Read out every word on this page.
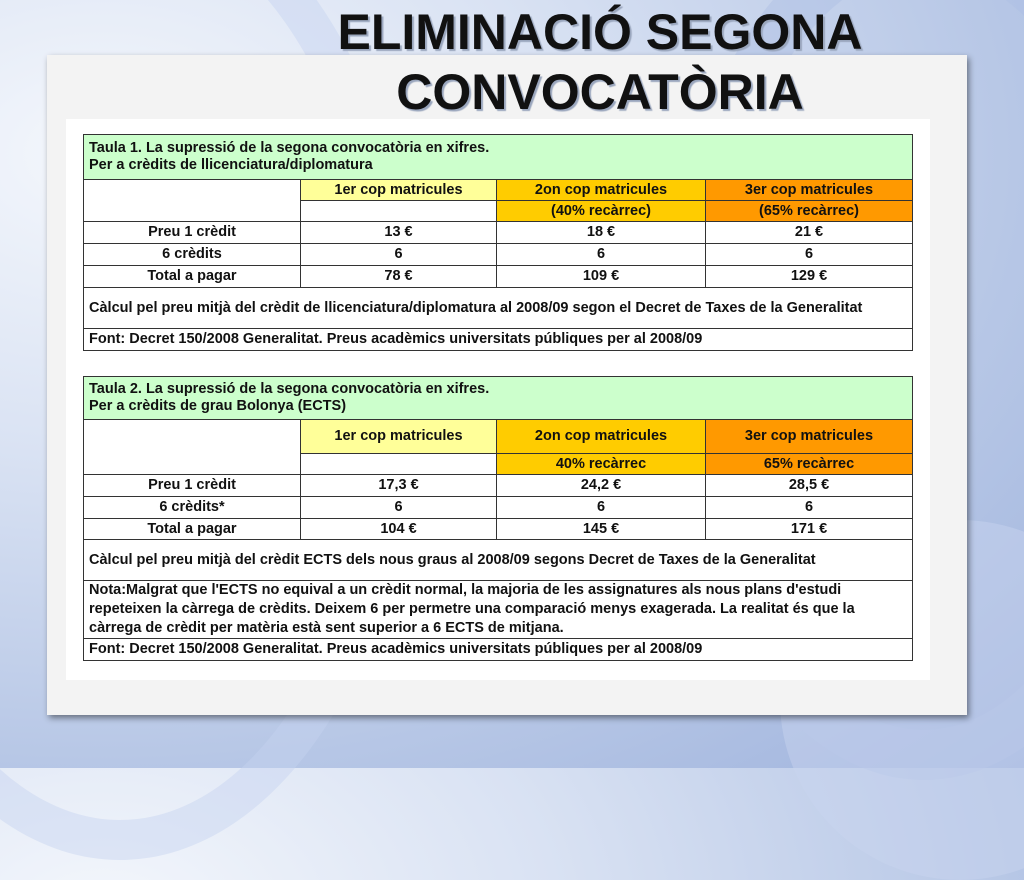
ELIMINACIÓ SEGONA
CONVOCATÒRIA
Taula 1. La supressió de la segona convocatòria en xifres.
Per a crèdits de llicenciatura/diplomatura			
	1er cop matricules	2on cop matricules	3er cop matricules
		(40% recàrrec)	(65% recàrrec)
Preu 1 crèdit	13 €	18 €	21 €
6 crèdits	6	6	6
Total a pagar	78 €	109 €	129 €
Càlcul pel preu mitjà del crèdit de llicenciatura/diplomatura al 2008/09 segon el Decret de Taxes de la Generalitat			
Font: Decret 150/2008 Generalitat. Preus acadèmics universitats públiques per al 2008/09			
Taula 2. La supressió de la segona convocatòria en xifres.
Per a crèdits de grau Bolonya (ECTS)			
	1er cop matricules	2on cop matricules	3er cop matricules
		40% recàrrec	65% recàrrec
Preu 1 crèdit	17,3 €	24,2 €	28,5 €
6 crèdits*	6	6	6
Total a pagar	104 €	145 €	171 €
Càlcul pel preu mitjà del crèdit ECTS dels nous graus al 2008/09 segons Decret de Taxes de la Generalitat			
Nota:Malgrat que l'ECTS no equival a un crèdit normal, la majoria de les assignatures als nous plans d'estudi repeteixen la càrrega de crèdits. Deixem 6 per permetre una comparació menys exagerada. La realitat és que la càrrega de crèdit per matèria està sent superior a 6 ECTS de mitjana.			
Font: Decret 150/2008 Generalitat. Preus acadèmics universitats públiques per al 2008/09			
